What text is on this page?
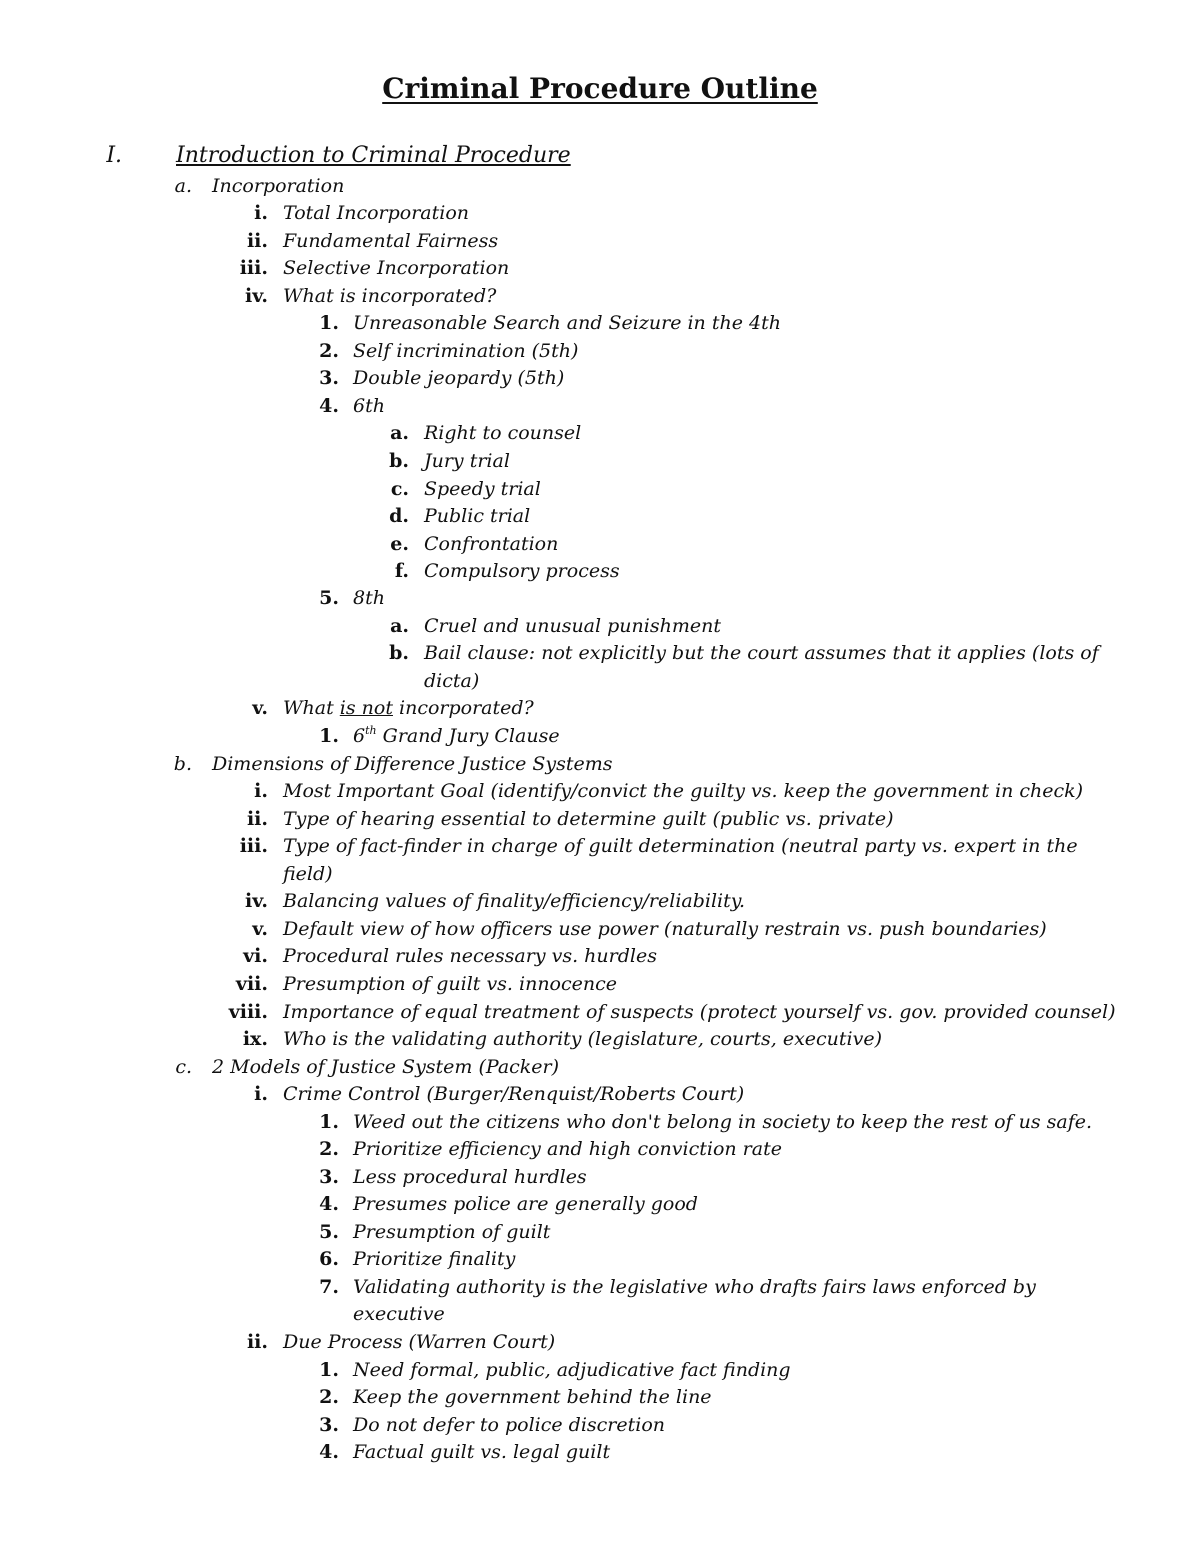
Criminal Procedure Outline
I. Introduction to Criminal Procedure
a. Incorporation
i. Total Incorporation
ii. Fundamental Fairness
iii. Selective Incorporation
iv. What is incorporated?
1. Unreasonable Search and Seizure in the 4th
2. Self incrimination (5th)
3. Double jeopardy (5th)
4. 6th
a. Right to counsel
b. Jury trial
c. Speedy trial
d. Public trial
e. Confrontation
f. Compulsory process
5. 8th
a. Cruel and unusual punishment
b. Bail clause: not explicitly but the court assumes that it applies (lots of
dicta)
v. What is not incorporated?
1. 6th Grand Jury Clause
b. Dimensions of Difference Justice Systems
i. Most Important Goal (identify/convict the guilty vs. keep the government in check)
ii. Type of hearing essential to determine guilt (public vs. private)
iii. Type of fact-finder in charge of guilt determination (neutral party vs. expert in the
field)
iv. Balancing values of finality/efficiency/reliability.
v. Default view of how officers use power (naturally restrain vs. push boundaries)
vi. Procedural rules necessary vs. hurdles
vii. Presumption of guilt vs. innocence
viii. Importance of equal treatment of suspects (protect yourself vs. gov. provided counsel)
ix. Who is the validating authority (legislature, courts, executive)
c. 2 Models of Justice System (Packer)
i. Crime Control (Burger/Renquist/Roberts Court)
1. Weed out the citizens who don't belong in society to keep the rest of us safe.
2. Prioritize efficiency and high conviction rate
3. Less procedural hurdles
4. Presumes police are generally good
5. Presumption of guilt
6. Prioritize finality
7. Validating authority is the legislative who drafts fairs laws enforced by
executive
ii. Due Process (Warren Court)
1. Need formal, public, adjudicative fact finding
2. Keep the government behind the line
3. Do not defer to police discretion
4. Factual guilt vs. legal guilt
